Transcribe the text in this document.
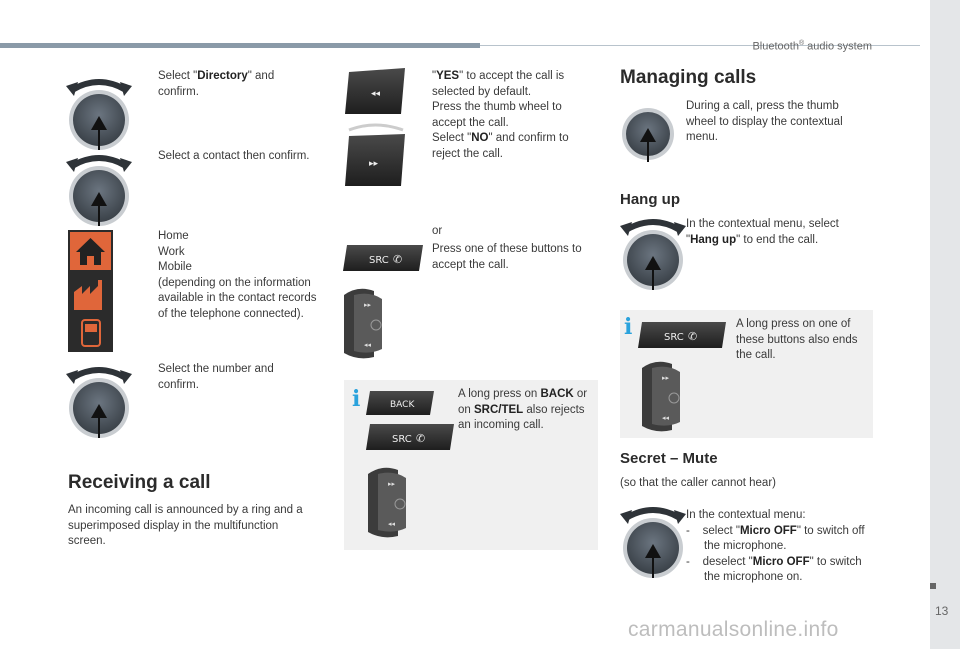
Bluetooth® audio system
13
Select "Directory" and confirm.
Select a contact then confirm.
Home
Work
Mobile
(depending on the information available in the contact records of the telephone connected).
Select the number and confirm.
Receiving a call
An incoming call is announced by a ring and a superimposed display in the multifunction screen.
◂◂
▸▸
"YES" to accept the call is selected by default.
Press the thumb wheel to accept the call.
Select "NO" and confirm to reject the call.
SRC ✆
or
Press one of these buttons to accept the call.
i	BACK
SRC ✆
A long press on BACK or on SRC/TEL also rejects an incoming call.
Managing calls
During a call, press the thumb wheel to display the contextual menu.
Hang up
In the contextual menu, select "Hang up" to end the call.
i	SRC ✆
A long press on one of these buttons also ends the call.
Secret – Mute
(so that the caller cannot hear)
In the contextual menu:
- select "Micro OFF" to switch off the microphone.
- deselect "Micro OFF" to switch the microphone on.
carmanualsonline.info
